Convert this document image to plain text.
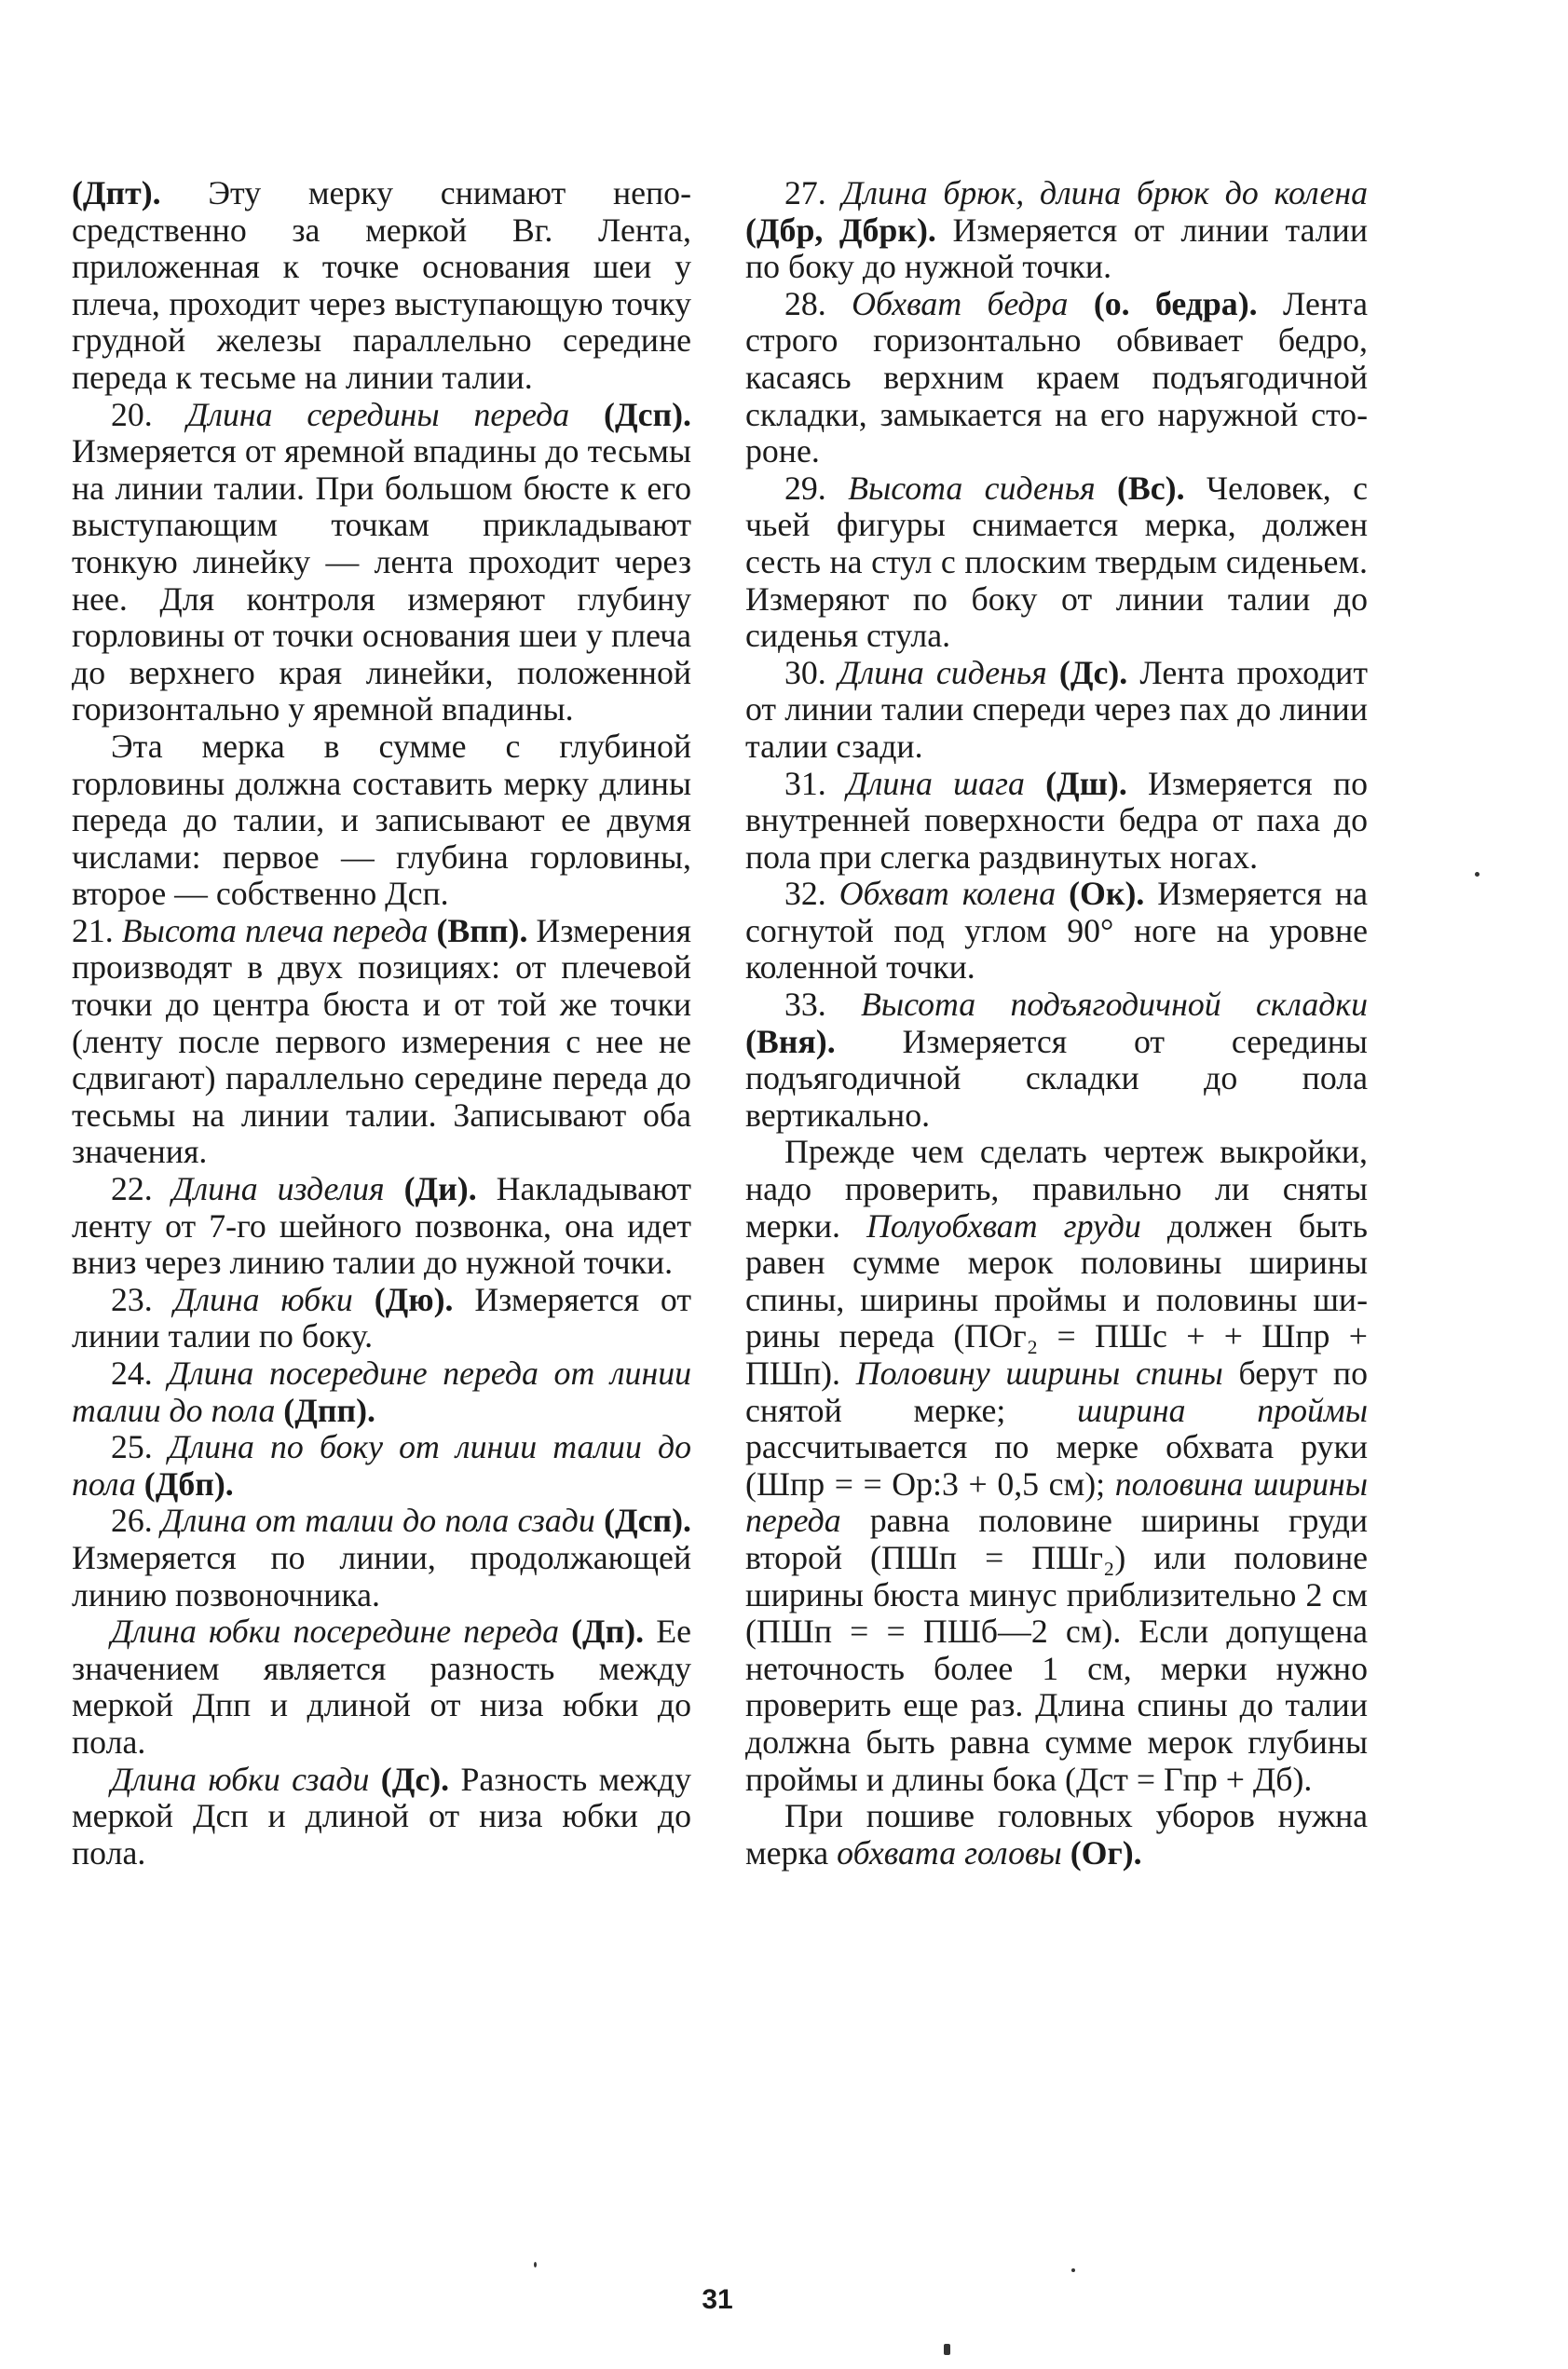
(Дпт). Эту мерку снимают непосредственно за меркой Вг. Лента, приложенная к точке основания шеи у плеча, проходит через выступающую точку грудной железы параллельно середине переда к тесьме на линии талии.

20. Длина середины переда (Дсп). Измеряется от яремной впадины до тесьмы на линии талии. При большом бюсте к его выступающим точкам прикладывают тонкую линейку — лента проходит через нее. Для контроля измеряют глубину горловины от точки основания шеи у плеча до верхнего края линейки, положенной горизонтально у яремной впадины.

Эта мерка в сумме с глубиной горловины должна составить мерку длины переда до талии, и записывают ее двумя числами: первое — глубина горловины, второе — собственно Дсп.

21. Высота плеча переда (Впп). Измерения производят в двух позициях: от плечевой точки до центра бюста и от той же точки (ленту после первого измерения с нее не сдвигают) параллельно середине переда до тесьмы на линии талии. Записывают оба значения.

22. Длина изделия (Ди). Накладывают ленту от 7-го шейного позвонка, она идет вниз через линию талии до нужной точки.

23. Длина юбки (Дю). Измеряется от линии талии по боку.

24. Длина посередине переда от линии талии до пола (Дпп).

25. Длина по боку от линии талии до пола (Дбп).

26. Длина от талии до пола сзади (Дсп). Измеряется по линии, продолжающей линию позвоночника.

Длина юбки посередине переда (Дп). Ее значением является разность между меркой Дпп и длиной от низа юбки до пола.

Длина юбки сзади (Дс). Разность между меркой Дсп и длиной от низа юбки до пола.

27. Длина брюк, длина брюк до колена (Дбр, Дбрк). Измеряется от линии талии по боку до нужной точки.

28. Обхват бедра (о. бедра). Лента строго горизонтально обвивает бедро, касаясь верхним краем подъягодичной складки, замыкается на его наружной стороне.

29. Высота сиденья (Вс). Человек, с чьей фигуры снимается мерка, должен сесть на стул с плоским твердым сиденьем. Измеряют по боку от линии талии до сиденья стула.

30. Длина сиденья (Дс). Лента проходит от линии талии спереди через пах до линии талии сзади.

31. Длина шага (Дш). Измеряется по внутренней поверхности бедра от паха до пола при слегка раздвинутых ногах.

32. Обхват колена (Ок). Измеряется на согнутой под углом 90° ноге на уровне коленной точки.

33. Высота подъягодичной складки (Вня). Измеряется от середины подъягодичной складки до пола вертикально.

Прежде чем сделать чертеж выкройки, надо проверить, правильно ли сняты мерки. Полуобхват груди должен быть равен сумме мерок половины ширины спины, ширины проймы и половины ширины переда (ПОг₂ = ПШс + + Шпр + ПШп). Половину ширины спины берут по снятой мерке; ширина проймы рассчитывается по мерке обхвата руки (Шпр = = Ор:3 + 0,5 см); половина ширины переда равна половине ширины груди второй (ПШп = ПШг₂) или половине ширины бюста минус приблизительно 2 см (ПШп = = ПШб—2 см). Если допущена неточность более 1 см, мерки нужно проверить еще раз. Длина спины до талии должна быть равна сумме мерок глубины проймы и длины бока (Дст = Гпр + Дб).

При пошиве головных уборов нужна мерка обхвата головы (Ог).

31
